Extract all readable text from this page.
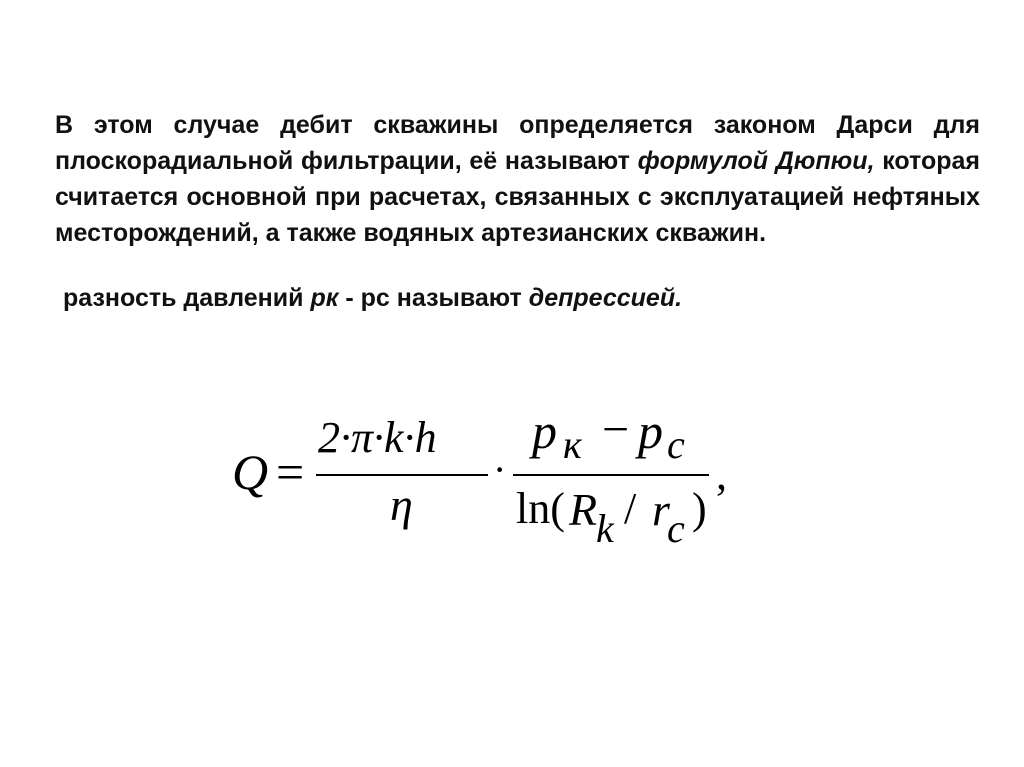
В этом случае дебит скважины определяется законом Дарси для плоскорадиальной фильтрации, её называют формулой Дюпюи, которая считается основной при расчетах, связанных с эксплуатацией нефтяных месторождений, а также водяных артезианских скважин.
разность давлений рк - рс называют депрессией.
Q =
2·π·k·h
η
·
p к − p c
ln( R
k / r
c )
,
